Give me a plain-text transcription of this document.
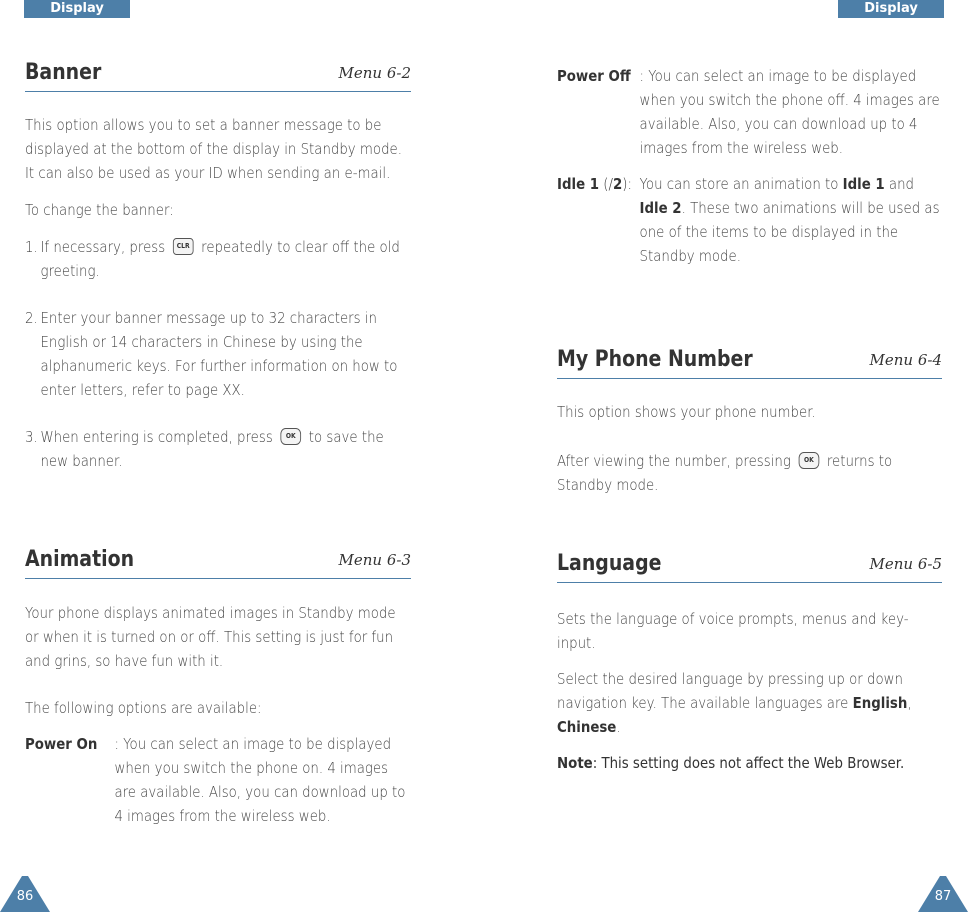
Display
Banner	Menu 6-2

This option allows you to set a banner message to be displayed at the bottom of the display in Standby mode. It can also be used as your ID when sending an e-mail.

To change the banner:

1. If necessary, press CLR repeatedly to clear off the old greeting.
2. Enter your banner message up to 32 characters in English or 14 characters in Chinese by using the alphanumeric keys. For further information on how to enter letters, refer to page XX.
3. When entering is completed, press OK to save the new banner.
Animation	Menu 6-3

Your phone displays animated images in Standby mode or when it is turned on or off. This setting is just for fun and grins, so have fun with it.

The following options are available:

Power On : You can select an image to be displayed when you switch the phone on. 4 images are available. Also, you can download up to 4 images from the wireless web.
86
Display
Power Off : You can select an image to be displayed when you switch the phone off. 4 images are available. Also, you can download up to 4 images from the wireless web.
Idle 1 (/2): You can store an animation to Idle 1 and Idle 2. These two animations will be used as one of the items to be displayed in the Standby mode.
My Phone Number	Menu 6-4

This option shows your phone number.

After viewing the number, pressing OK returns to Standby mode.

Language	Menu 6-5

Sets the language of voice prompts, menus and key-input.

Select the desired language by pressing up or down navigation key. The available languages are English, Chinese.

Note: This setting does not affect the Web Browser.

87
